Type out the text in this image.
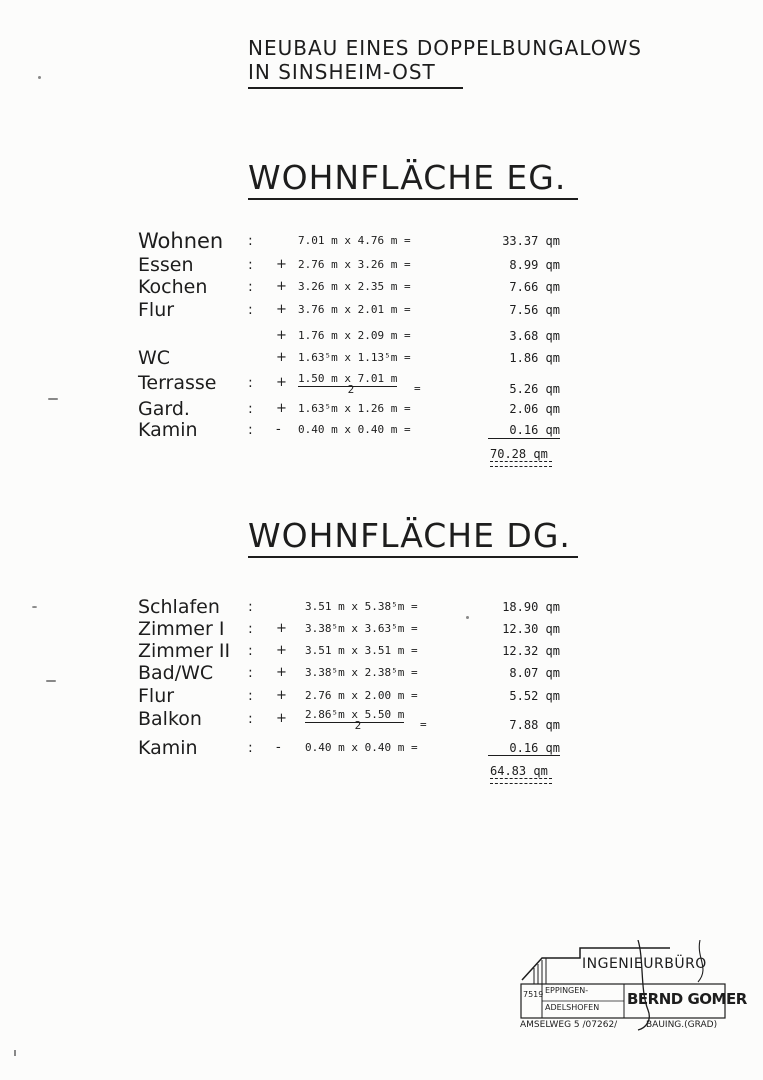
NEUBAU EINES DOPPELBUNGALOWS
IN SINSHEIM-OST
WOHNFLÄCHE EG.
Wohnen :	7.01 m x 4.76 m =	33.37 qm
Essen	: + 2.76 m x 3.26 m =	8.99 qm
Kochen	: + 3.26 m x 2.35 m =	7.66 qm
Flur	: + 3.76 m x 2.01 m =	7.56 qm
+ 1.76 m x 2.09 m =	3.68 qm
WC	+ 1.63⁵m x 1.13⁵m =	1.86 qm
Terrasse : + $\frac{\text{1.50 m x 7.01 m}}{2}$ =	5.26 qm
Gard.	: + 1.63⁵m x 1.26 m =	2.06 qm
Kamin	: - 0.40 m x 0.40 m =	0.16 qm
70.28 qm
WOHNFLÄCHE DG.
Schlafen :	3.51 m x 5.38⁵m =	18.90 qm
Zimmer I : + 3.38⁵m x 3.63⁵m =	12.30 qm
Zimmer II : + 3.51 m x 3.51 m =	12.32 qm
Bad/WC : + 3.38⁵m x 2.38⁵m =	8.07 qm
Flur	: + 2.76 m x 2.00 m =	5.52 qm
Balkon	: + $\frac{\text{2.86⁵m x 5.50 m}}{2}$ =	7.88 qm
Kamin	: - 0.40 m x 0.40 m =	0.16 qm
64.83 qm
INGENIEURBÜRO
7519 EPPINGEN-
ADELSHOFEN BERND GOMER
AMSELWEG 5 /07262/	BAUING.(GRAD)
